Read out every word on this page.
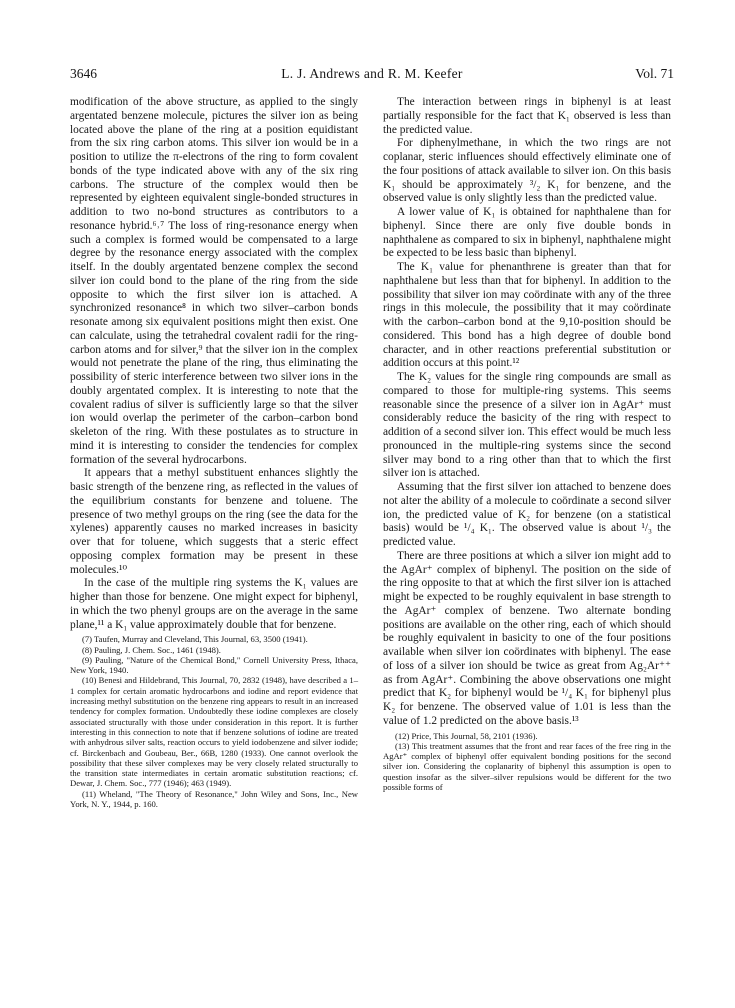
L. J. Andrews and R. M. Keefer
3646	Vol. 71

modification of the above structure, as applied to the singly argentated benzene molecule, pictures the silver ion as being located above the plane of the ring at a position equidistant from the six ring carbon atoms. This silver ion would be in a position to utilize the π-electrons of the ring to form covalent bonds of the type indicated above with any of the six ring carbons. The structure of the complex would then be represented by eighteen equivalent single-bonded structures in addition to two no-bond structures as contributors to a resonance hybrid.⁶˒⁷ The loss of ring-resonance energy when such a complex is formed would be compensated to a large degree by the resonance energy associated with the complex itself. In the doubly argentated benzene complex the second silver ion could bond to the plane of the ring from the side opposite to which the first silver ion is attached. A synchronized resonance⁸ in which two silver–carbon bonds resonate among six equivalent positions might then exist. One can calculate, using the tetrahedral covalent radii for the ring-carbon atoms and for silver,⁹ that the silver ion in the complex would not penetrate the plane of the ring, thus eliminating the possibility of steric interference between two silver ions in the doubly argentated complex. It is interesting to note that the covalent radius of silver is sufficiently large so that the silver ion would overlap the perimeter of the carbon–carbon bond skeleton of the ring. With these postulates as to structure in mind it is interesting to consider the tendencies for complex formation of the several hydrocarbons.

It appears that a methyl substituent enhances slightly the basic strength of the benzene ring, as reflected in the values of the equilibrium constants for benzene and toluene. The presence of two methyl groups on the ring (see the data for the xylenes) apparently causes no marked increases in basicity over that for toluene, which suggests that a steric effect opposing complex formation may be present in these molecules.¹⁰

In the case of the multiple ring systems the K₁ values are higher than those for benzene. One might expect for biphenyl, in which the two phenyl groups are on the average in the same plane,¹¹ a K₁ value approximately double that for benzene.

(7) Taufen, Murray and Cleveland, This Journal, 63, 3500 (1941).

(8) Pauling, J. Chem. Soc., 1461 (1948).

(9) Pauling, "Nature of the Chemical Bond," Cornell University Press, Ithaca, New York, 1940.

(10) Benesi and Hildebrand, This Journal, 70, 2832 (1948), have described a 1–1 complex for certain aromatic hydrocarbons and iodine and report evidence that increasing methyl substitution on the benzene ring appears to result in an increased tendency for complex formation. Undoubtedly these iodine complexes are closely associated structurally with those under consideration in this report. It is further interesting in this connection to note that if benzene solutions of iodine are treated with anhydrous silver salts, reaction occurs to yield iodobenzene and silver iodide; cf. Birckenbach and Goubeau, Ber., 66B, 1280 (1933). One cannot overlook the possibility that these silver complexes may be very closely related structurally to the transition state intermediates in certain aromatic substitution reactions; cf. Dewar, J. Chem. Soc., 777 (1946); 463 (1949).

(11) Wheland, "The Theory of Resonance," John Wiley and Sons, Inc., New York, N. Y., 1944, p. 160.

The interaction between rings in biphenyl is at least partially responsible for the fact that K₁ observed is less than the predicted value.

For diphenylmethane, in which the two rings are not coplanar, steric influences should effectively eliminate one of the four positions of attack available to silver ion. On this basis K₁ should be approximately ³/₂ K₁ for benzene, and the observed value is only slightly less than the predicted value.

A lower value of K₁ is obtained for naphthalene than for biphenyl. Since there are only five double bonds in naphthalene as compared to six in biphenyl, naphthalene might be expected to be less basic than biphenyl.

The K₁ value for phenanthrene is greater than that for naphthalene but less than that for biphenyl. In addition to the possibility that silver ion may coördinate with any of the three rings in this molecule, the possibility that it may coördinate with the carbon–carbon bond at the 9,10-position should be considered. This bond has a high degree of double bond character, and in other reactions preferential substitution or addition occurs at this point.¹²

The K₂ values for the single ring compounds are small as compared to those for multiple-ring systems. This seems reasonable since the presence of a silver ion in AgAr⁺ must considerably reduce the basicity of the ring with respect to addition of a second silver ion. This effect would be much less pronounced in the multiple-ring systems since the second silver may bond to a ring other than that to which the first silver ion is attached.

Assuming that the first silver ion attached to benzene does not alter the ability of a molecule to coördinate a second silver ion, the predicted value of K₂ for benzene (on a statistical basis) would be ¹/₄ K₁. The observed value is about ¹/₃ the predicted value.

There are three positions at which a silver ion might add to the AgAr⁺ complex of biphenyl. The position on the side of the ring opposite to that at which the first silver ion is attached might be expected to be roughly equivalent in base strength to the AgAr⁺ complex of benzene. Two alternate bonding positions are available on the other ring, each of which should be roughly equivalent in basicity to one of the four positions available when silver ion coördinates with biphenyl. The ease of loss of a silver ion should be twice as great from Ag₂Ar⁺⁺ as from AgAr⁺. Combining the above observations one might predict that K₂ for biphenyl would be ¹/₄ K₁ for biphenyl plus K₂ for benzene. The observed value of 1.01 is less than the value of 1.2 predicted on the above basis.¹³

(12) Price, This Journal, 58, 2101 (1936).

(13) This treatment assumes that the front and rear faces of the free ring in the AgAr⁺ complex of biphenyl offer equivalent bonding positions for the second silver ion. Considering the coplanarity of biphenyl this assumption is open to question insofar as the silver–silver repulsions would be different for the two possible forms of
